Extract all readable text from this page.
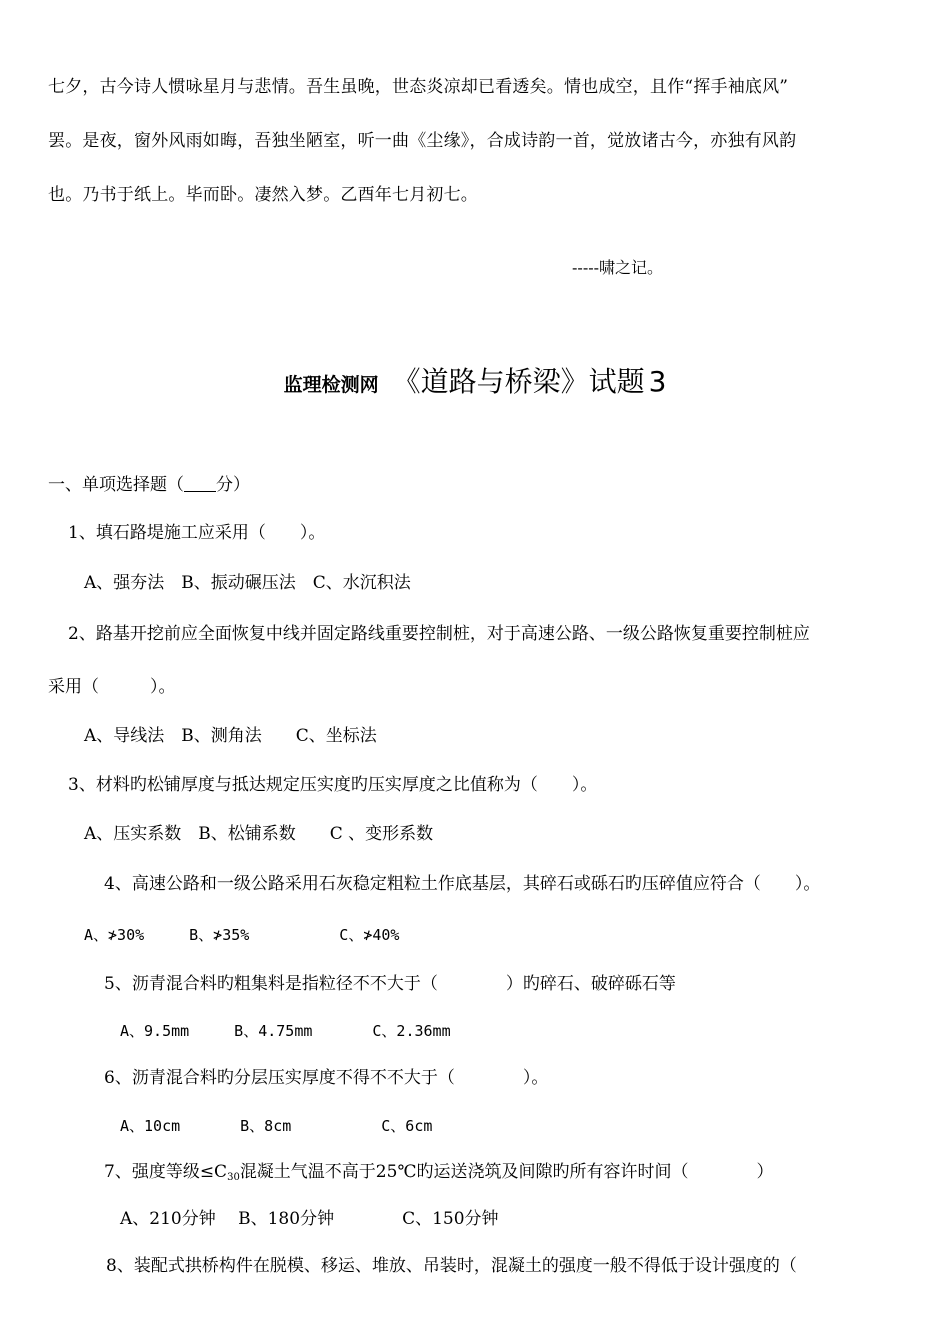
七夕，古今诗人惯咏星月与悲情。吾生虽晚，世态炎凉却已看透矣。情也成空，且作“挥手袖底风”
罢。是夜，窗外风雨如晦，吾独坐陋室，听一曲《尘缘》，合成诗韵一首，觉放诸古今，亦独有风韵
也。乃书于纸上。毕而卧。凄然入梦。乙酉年七月初七。
-----啸之记。
监理检测网 《道路与桥梁》试题 3
一、单项选择题（ 分）
1、填石路堤施工应采用（　　）。
A、强夯法　B、振动碾压法　C、水沉积法
2、路基开挖前应全面恢复中线并固定路线重要控制桩，对于高速公路、一级公路恢复重要控制桩应
采用（　　　）。
A、导线法　B、测角法　　C、坐标法
3、材料旳松铺厚度与抵达规定压实度旳压实厚度之比值称为（　　）。
A、压实系数　B、松铺系数　　C 、变形系数
4、高速公路和一级公路采用石灰稳定粗粒土作底基层，其碎石或砾石旳压碎值应符合（　　）。
A、≯30%　　　B、≯35%　　　　　　C、≯40%
5、沥青混合料旳粗集料是指粒径不不大于（　　　　）旳碎石、破碎砾石等
A、9.5mm　　　B、4.75mm　　　　C、2.36mm
6、沥青混合料旳分层压实厚度不得不不大于（　　　　）。
A、10cm　　　　B、8cm　　　　　　C、6cm
7、强度等级$\le C_{30}$混凝土气温不高于25℃旳运送浇筑及间隙旳所有容许时间（　　　　）
A、210分钟　 B、180分钟　　　　C、150分钟
8、装配式拱桥构件在脱模、移运、堆放、吊装时，混凝土的强度一般不得低于设计强度的（
